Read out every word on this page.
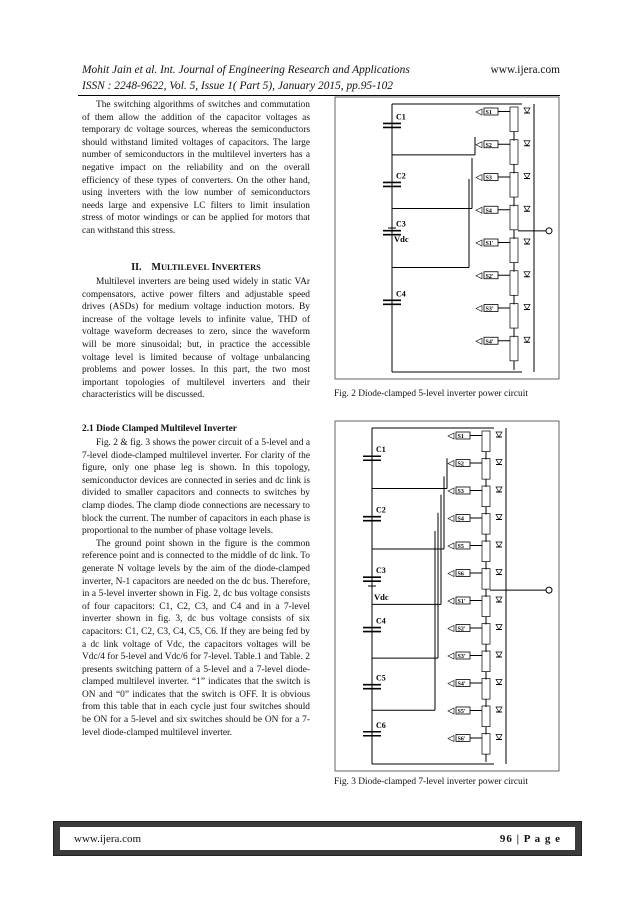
Mohit Jain et al. Int. Journal of Engineering Research and Applications
ISSN : 2248-9622, Vol. 5, Issue 1( Part 5), January 2015, pp.95-102
www.ijera.com

The switching algorithms of switches and commutation of them allow the addition of the capacitor voltages as temporary dc voltage sources, whereas the semiconductors should withstand limited voltages of capacitors. The large number of semiconductors in the multilevel inverters has a negative impact on the reliability and on the overall efficiency of these types of converters. On the other hand, using inverters with the low number of semiconductors needs large and expensive LC filters to limit insulation stress of motor windings or can be applied for motors that can withstand this stress.

II. MULTILEVEL INVERTERS

Multilevel inverters are being used widely in static VAr compensators, active power filters and adjustable speed drives (ASDs) for medium voltage induction motors. By increase of the voltage levels to infinite value, THD of voltage waveform decreases to zero, since the waveform will be more sinusoidal; but, in practice the accessible voltage level is limited because of voltage unbalancing problems and power losses. In this part, the two most important topologies of multilevel inverters and their characteristics will be discussed.

2.1 Diode Clamped Multilevel Inverter

Fig. 2 & fig. 3 shows the power circuit of a 5-level and a 7-level diode-clamped multilevel inverter. For clarity of the figure, only one phase leg is shown. In this topology, semiconductor devices are connected in series and dc link is divided to smaller capacitors and connects to switches by clamp diodes. The clamp diode connections are necessary to block the current. The number of capacitors in each phase is proportional to the number of phase voltage levels.

The ground point shown in the figure is the common reference point and is connected to the middle of dc link. To generate N voltage levels by the aim of the diode-clamped inverter, N-1 capacitors are needed on the dc bus. Therefore, in a 5-level inverter shown in Fig. 2, dc bus voltage consists of four capacitors: C1, C2, C3, and C4 and in a 7-level inverter shown in fig. 3, dc bus voltage consists of six capacitors: C1, C2, C3, C4, C5, C6. If they are being fed by a dc link voltage of Vdc, the capacitors voltages will be Vdc/4 for 5-level and Vdc/6 for 7-level. Table.1 and Table. 2 presents switching pattern of a 5-level and a 7-level diode-clamped multilevel inverter. “1” indicates that the switch is ON and “0” indicates that the switch is OFF. It is obvious from this table that in each cycle just four switches should be ON for a 5-level and six switches should be ON for a 7-level diode-clamped multilevel inverter.

C1
C2
C3
C4
Vdc
S1
S2
S3
S4
S1'
S2'
S3'
S4'
Fig. 2 Diode-clamped 5-level inverter power circuit
C1
C2
C3
C4
C5
C6
Vdc
S1
S2
S3
S4
S5
S6
S1'
S2'
S3'
S4'
S5'
S6'
Fig. 3 Diode-clamped 7-level inverter power circuit
www.ijera.com	96 | P a g e
